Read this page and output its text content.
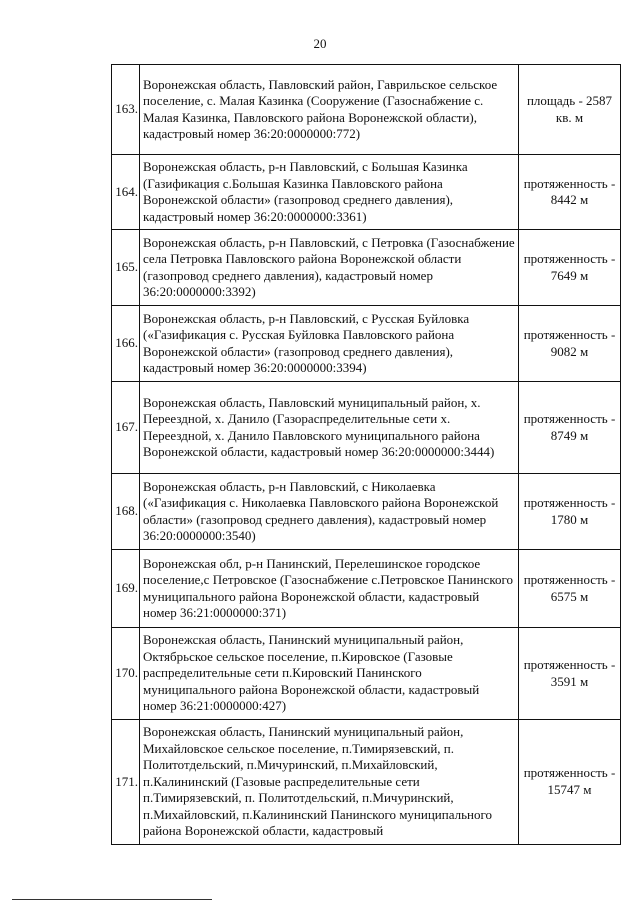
20
163.	Воронежская область, Павловский район, Гаврильское сельское поселение, с. Малая Казинка (Сооружение (Газоснабжение с. Малая Казинка, Павловского района Воронежской области), кадастровый номер 36:20:0000000:772)	площадь - 2587 кв. м
164.	Воронежская область, р-н Павловский, с Большая Казинка (Газификация с.Большая Казинка Павловского района Воронежской области» (газопровод среднего давления), кадастровый номер 36:20:0000000:3361)	протяженность - 8442 м
165.	Воронежская область, р-н Павловский, с Петровка (Газоснабжение села Петровка Павловского района Воронежской области (газопровод среднего давления), кадастровый номер 36:20:0000000:3392)	протяженность - 7649 м
166.	Воронежская область, р-н Павловский, с Русская Буйловка («Газификация с. Русская Буйловка Павловского района Воронежской области» (газопровод среднего давления), кадастровый номер 36:20:0000000:3394)	протяженность - 9082 м
167.	Воронежская область, Павловский муниципальный район, х. Переездной, х. Данило (Газораспределительные сети х. Переездной, х. Данило Павловского муниципального района Воронежской области, кадастровый номер 36:20:0000000:3444)	протяженность - 8749 м
168.	Воронежская область, р-н Павловский, с Николаевка («Газификация с. Николаевка Павловского района Воронежской области» (газопровод среднего давления), кадастровый номер 36:20:0000000:3540)	протяженность - 1780 м
169.	Воронежская обл, р-н Панинский, Перелешинское городское поселение,с Петровское (Газоснабжение с.Петровское Панинского муниципального района Воронежской области, кадастровый номер 36:21:0000000:371)	протяженность - 6575 м
170.	Воронежская область, Панинский муниципальный район, Октябрьское сельское поселение, п.Кировское (Газовые распределительные сети п.Кировский Панинского муниципального района Воронежской области, кадастровый номер 36:21:0000000:427)	протяженность - 3591 м
171.	Воронежская область, Панинский муниципальный район, Михайловское сельское поселение, п.Тимирязевский, п. Политотдельский, п.Мичуринский, п.Михайловский, п.Калининский (Газовые распределительные сети п.Тимирязевский, п. Политотдельский, п.Мичуринский, п.Михайловский, п.Калининский Панинского муниципального района Воронежской области, кадастровый	протяженность - 15747 м
